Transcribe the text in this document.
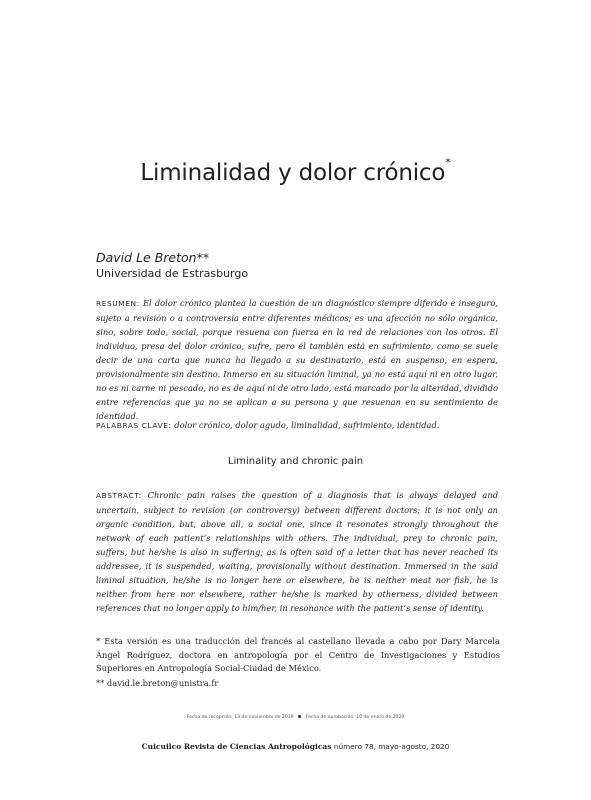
Liminalidad y dolor crónico*
David Le Breton**
Universidad de Estrasburgo
RESUMEN: El dolor crónico plantea la cuestión de un diagnóstico siempre diferido e inseguro, sujeto a revisión o a controversia entre diferentes médicos; es una afección no sólo orgánica, sino, sobre todo, social, porque resuena con fuerza en la red de relaciones con los otros. El individuo, presa del dolor crónico, sufre, pero él también está en sufrimiento, como se suele decir de una carta que nunca ha llegado a su destinatario, está en suspenso, en espera, provisionalmente sin destino. Inmerso en su situación liminal, ya no está aquí ni en otro lugar, no es ni carne ni pescado, no es de aquí ni de otro lado, está marcado por la alteridad, dividido entre referencias que ya no se aplican a su persona y que resuenan en su sentimiento de identidad.
PALABRAS CLAVE: dolor crónico, dolor agudo, liminalidad, sufrimiento, identidad.
Liminality and chronic pain
ABSTRACT: Chronic pain raises the question of a diagnosis that is always delayed and uncertain, subject to revision (or controversy) between different doctors; it is not only an organic condition, but, above all, a social one, since it resonates strongly throughout the network of each patient’s relationships with others. The individual, prey to chronic pain, suffers, but he/she is also in suffering; as is often said of a letter that has never reached its addressee, it is suspended, waiting, provisionally without destination. Immersed in the said liminal situation, he/she is no longer here or elsewhere, he is neither meat nor fish, he is neither from here nor elsewhere, rather he/she is marked by otherness, divided between references that no longer apply to him/her, in resonance with the patient’s sense of identity.
* Esta versión es una traducción del francés al castellano llevada a cabo por Dary Marcela Ángel Rodríguez, doctora en antropología por el Centro de Investigaciones y Estudios Superiores en Antropología Social-Ciudad de México.
** david.le.breton@unistra.fr
Fecha de recepción: 13 de noviembre de 2019	Fecha de aprobación: 10 de enero de 2020
Cuicuilco Revista de Ciencias Antropológicas número 78, mayo-agosto, 2020
